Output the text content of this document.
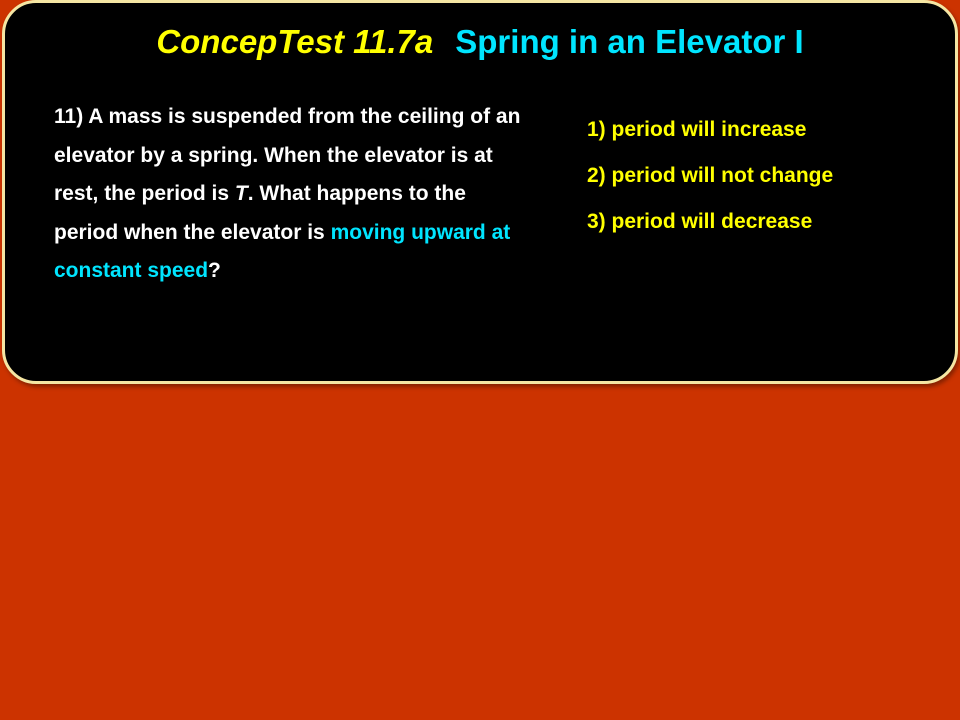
ConcepTest 11.7a Spring in an Elevator I
11) A mass is suspended from the ceiling of an elevator by a spring. When the elevator is at rest, the period is T. What happens to the period when the elevator is moving upward at constant speed?
1) period will increase
2) period will not change
3) period will decrease
